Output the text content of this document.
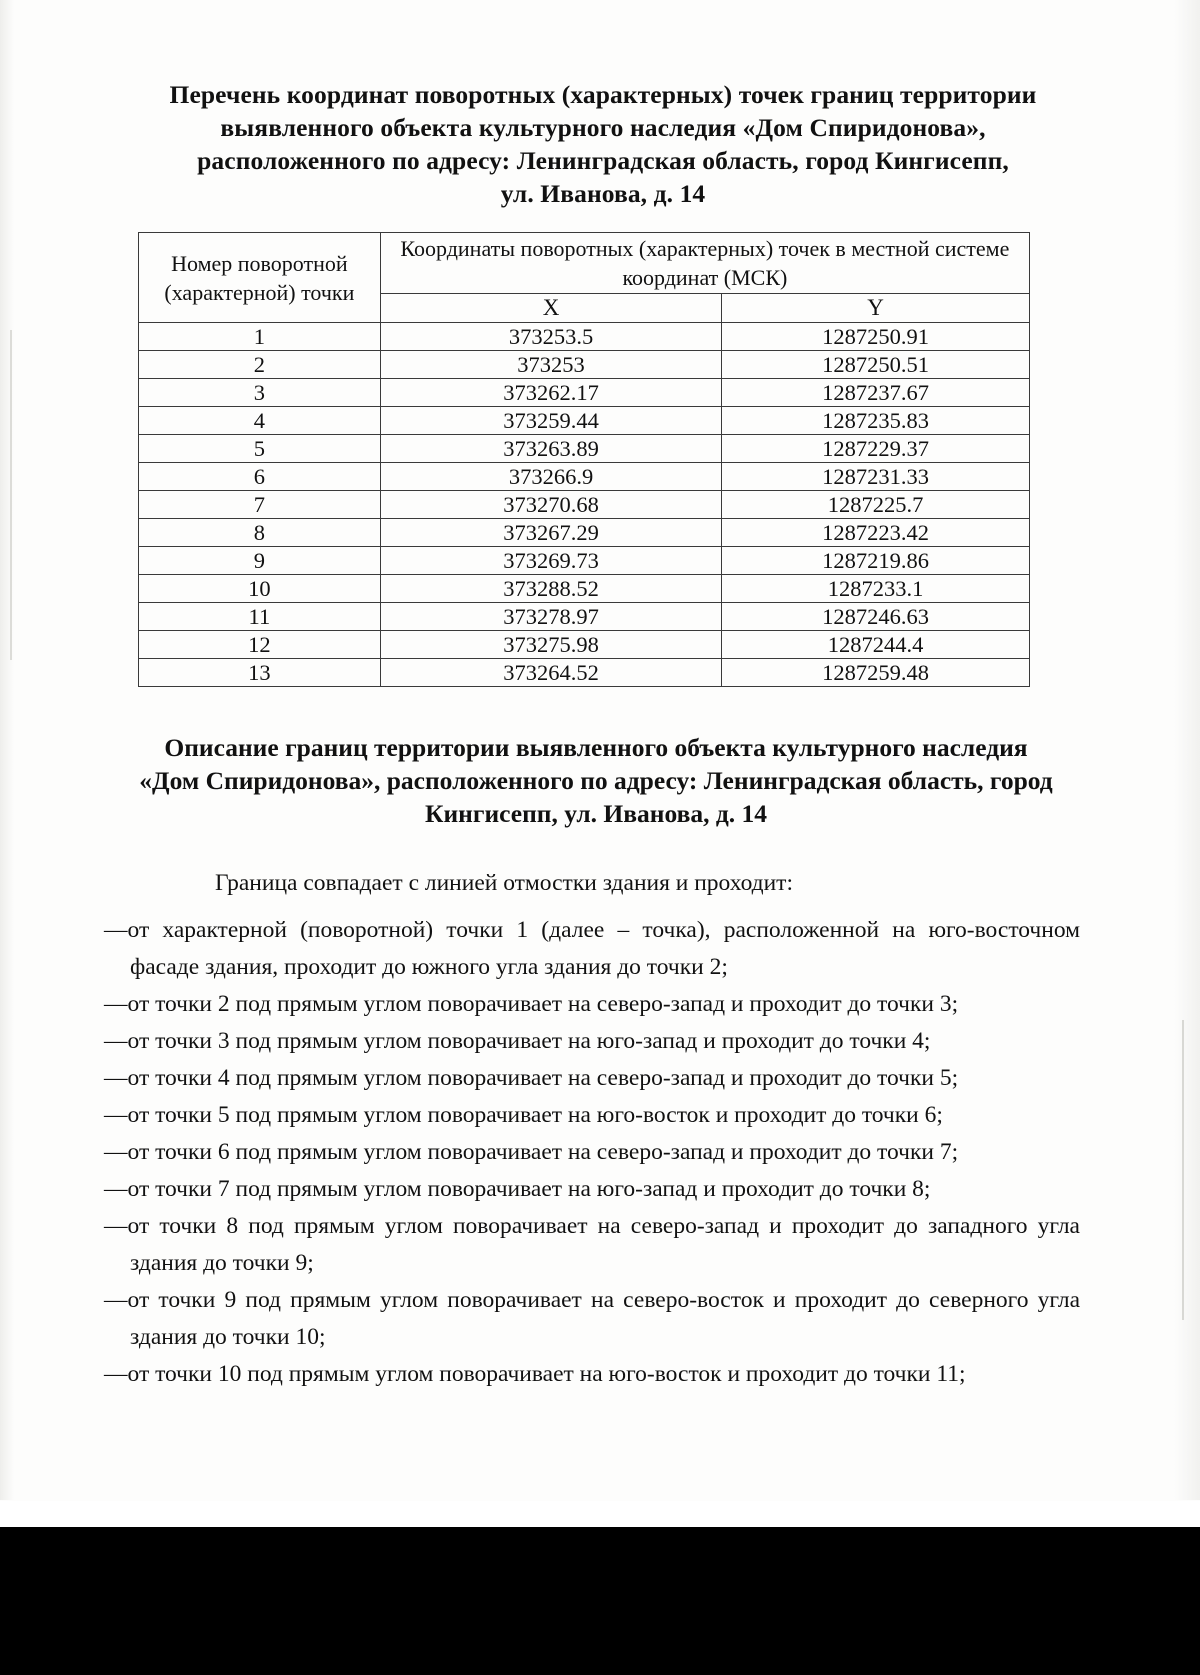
Перечень координат поворотных (характерных) точек границ территории
выявленного объекта культурного наследия «Дом Спиридонова»,
расположенного по адресу: Ленинградская область, город Кингисепп,
ул. Иванова, д. 14
Номер поворотной (характерной) точки	Координаты поворотных (характерных) точек в местной системе координат (МСК)	
	X	Y
1	373253.5	1287250.91
2	373253	1287250.51
3	373262.17	1287237.67
4	373259.44	1287235.83
5	373263.89	1287229.37
6	373266.9	1287231.33
7	373270.68	1287225.7
8	373267.29	1287223.42
9	373269.73	1287219.86
10	373288.52	1287233.1
11	373278.97	1287246.63
12	373275.98	1287244.4
13	373264.52	1287259.48
Описание границ территории выявленного объекта культурного наследия
«Дом Спиридонова», расположенного по адресу: Ленинградская область, город
Кингисепп, ул. Иванова, д. 14

Граница совпадает с линией отмостки здания и проходит:

—от характерной (поворотной) точки 1 (далее – точка), расположенной на юго-восточном фасаде здания, проходит до южного угла здания до точки 2;
—от точки 2 под прямым углом поворачивает на северо-запад и проходит до точки 3;
—от точки 3 под прямым углом поворачивает на юго-запад и проходит до точки 4;
—от точки 4 под прямым углом поворачивает на северо-запад и проходит до точки 5;
—от точки 5 под прямым углом поворачивает на юго-восток и проходит до точки 6;
—от точки 6 под прямым углом поворачивает на северо-запад и проходит до точки 7;
—от точки 7 под прямым углом поворачивает на юго-запад и проходит до точки 8;
—от точки 8 под прямым углом поворачивает на северо-запад и проходит до западного угла здания до точки 9;
—от точки 9 под прямым углом поворачивает на северо-восток и проходит до северного угла здания до точки 10;
—от точки 10 под прямым углом поворачивает на юго-восток и проходит до точки 11;
